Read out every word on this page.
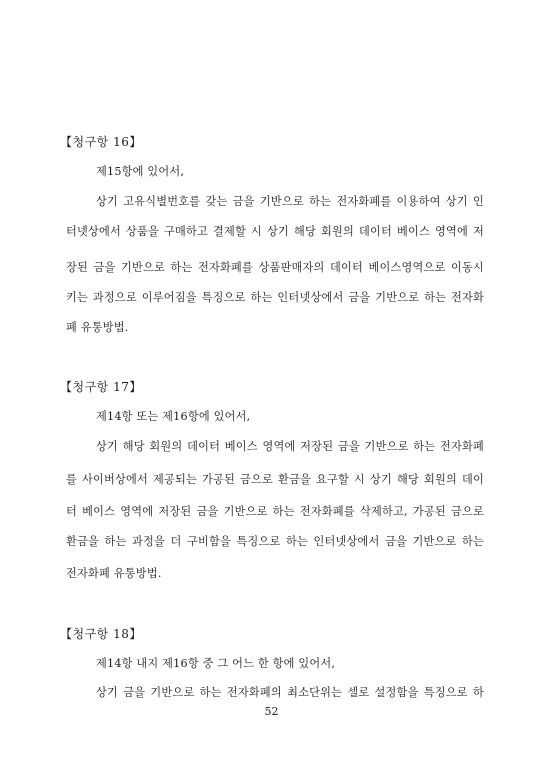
【청구항 16】
제15항에 있어서,
상기 고유식별번호를 갖는 금을 기반으로 하는 전자화폐를 이용하여 상기 인
터넷상에서 상품을 구매하고 결제할 시 상기 해당 회원의 데이터 베이스 영역에 저
장된 금을 기반으로 하는 전자화폐를 상품판매자의 데이터 베이스영역으로 이동시
키는 과정으로 이루어짐을 특징으로 하는 인터넷상에서 금을 기반으로 하는 전자화
폐 유통방법.
【청구항 17】
제14항 또는 제16항에 있어서,
상기 해당 회원의 데이터 베이스 영역에 저장된 금을 기반으로 하는 전자화폐
를 사이버상에서 제공되는 가공된 금으로 환금을 요구할 시 상기 해당 회원의 데이
터 베이스 영역에 저장된 금을 기반으로 하는 전자화폐를 삭제하고, 가공된 금으로
환금을 하는 과정을 더 구비함을 특징으로 하는 인터넷상에서 금을 기반으로 하는
전자화폐 유통방법.
【청구항 18】
제14항 내지 제16항 중 그 어느 한 항에 있어서,
상기 금을 기반으로 하는 전자화폐의 최소단위는 셀로 설정함을 특징으로 하
52
